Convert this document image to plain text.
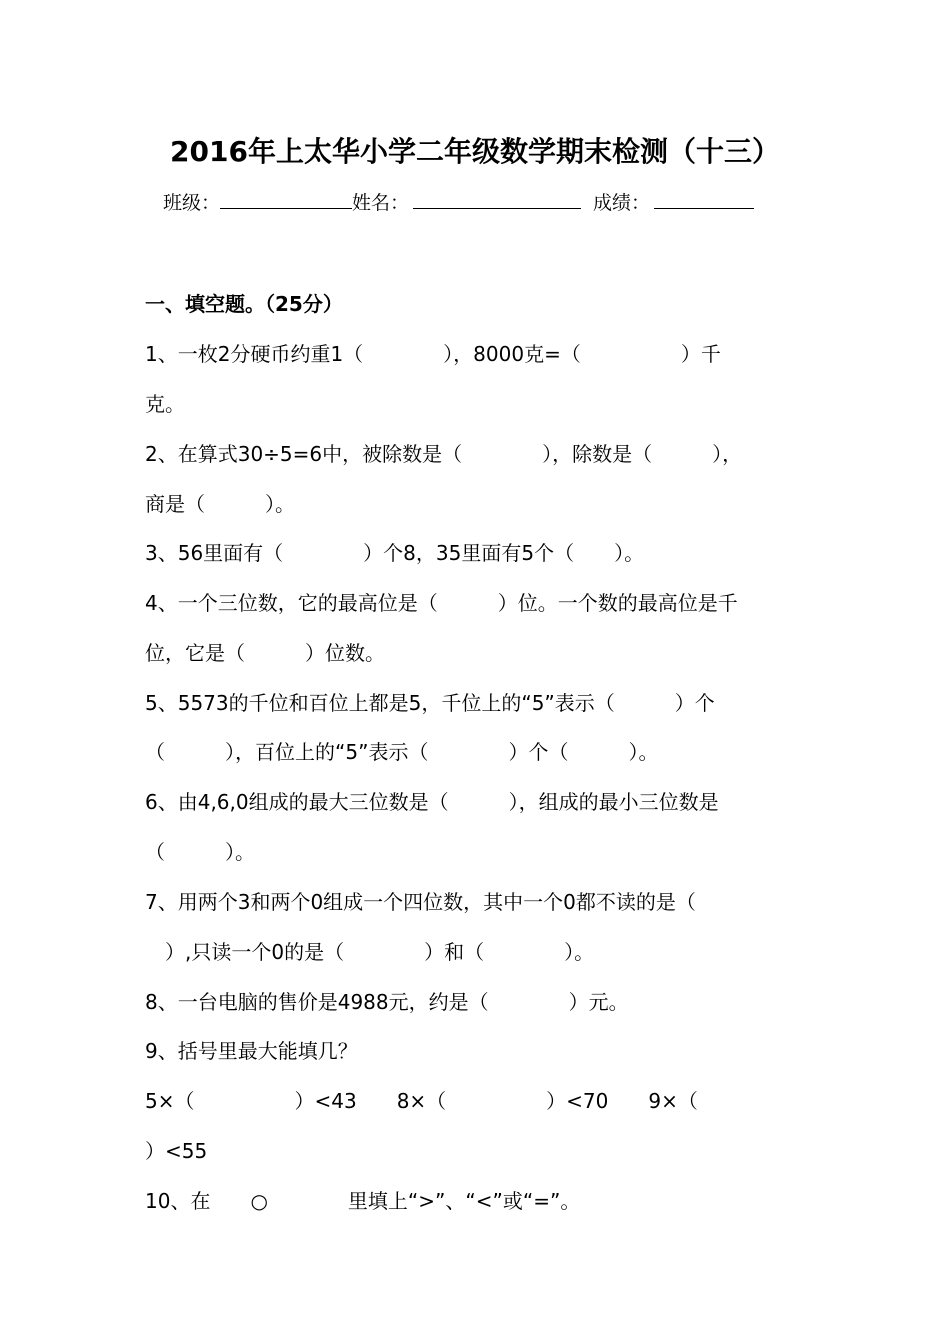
2016年上太华小学二年级数学期末检测（十三）
班级：	姓名：	成绩：
一、填空题。（25分）
1、一枚2分硬币约重1（　　　　），8000克=（　　　　　）千
克。
2、在算式30÷5=6中，被除数是（　　　　），除数是（　　　），
商是（　　　）。
3、56里面有（　　　　）个8，35里面有5个（　　）。
4、一个三位数，它的最高位是（　　　）位。一个数的最高位是千
位，它是（　　　）位数。
5、5573的千位和百位上都是5，千位上的“5”表示（　　　）个
（　　　），百位上的“5”表示（　　　　）个（　　　）。
6、由4,6,0组成的最大三位数是（　　　），组成的最小三位数是
（　　　）。
7、用两个3和两个0组成一个四位数，其中一个0都不读的是（
　）,只读一个0的是（　　　　）和（　　　　）。
8、一台电脑的售价是4988元，约是（　　　　）元。
9、括号里最大能填几？
5×（　　　　　）<43　　8×（　　　　　）<70　　9×（
）<55
10、在　　○　　　　里填上“>”、“<”或“=”。
